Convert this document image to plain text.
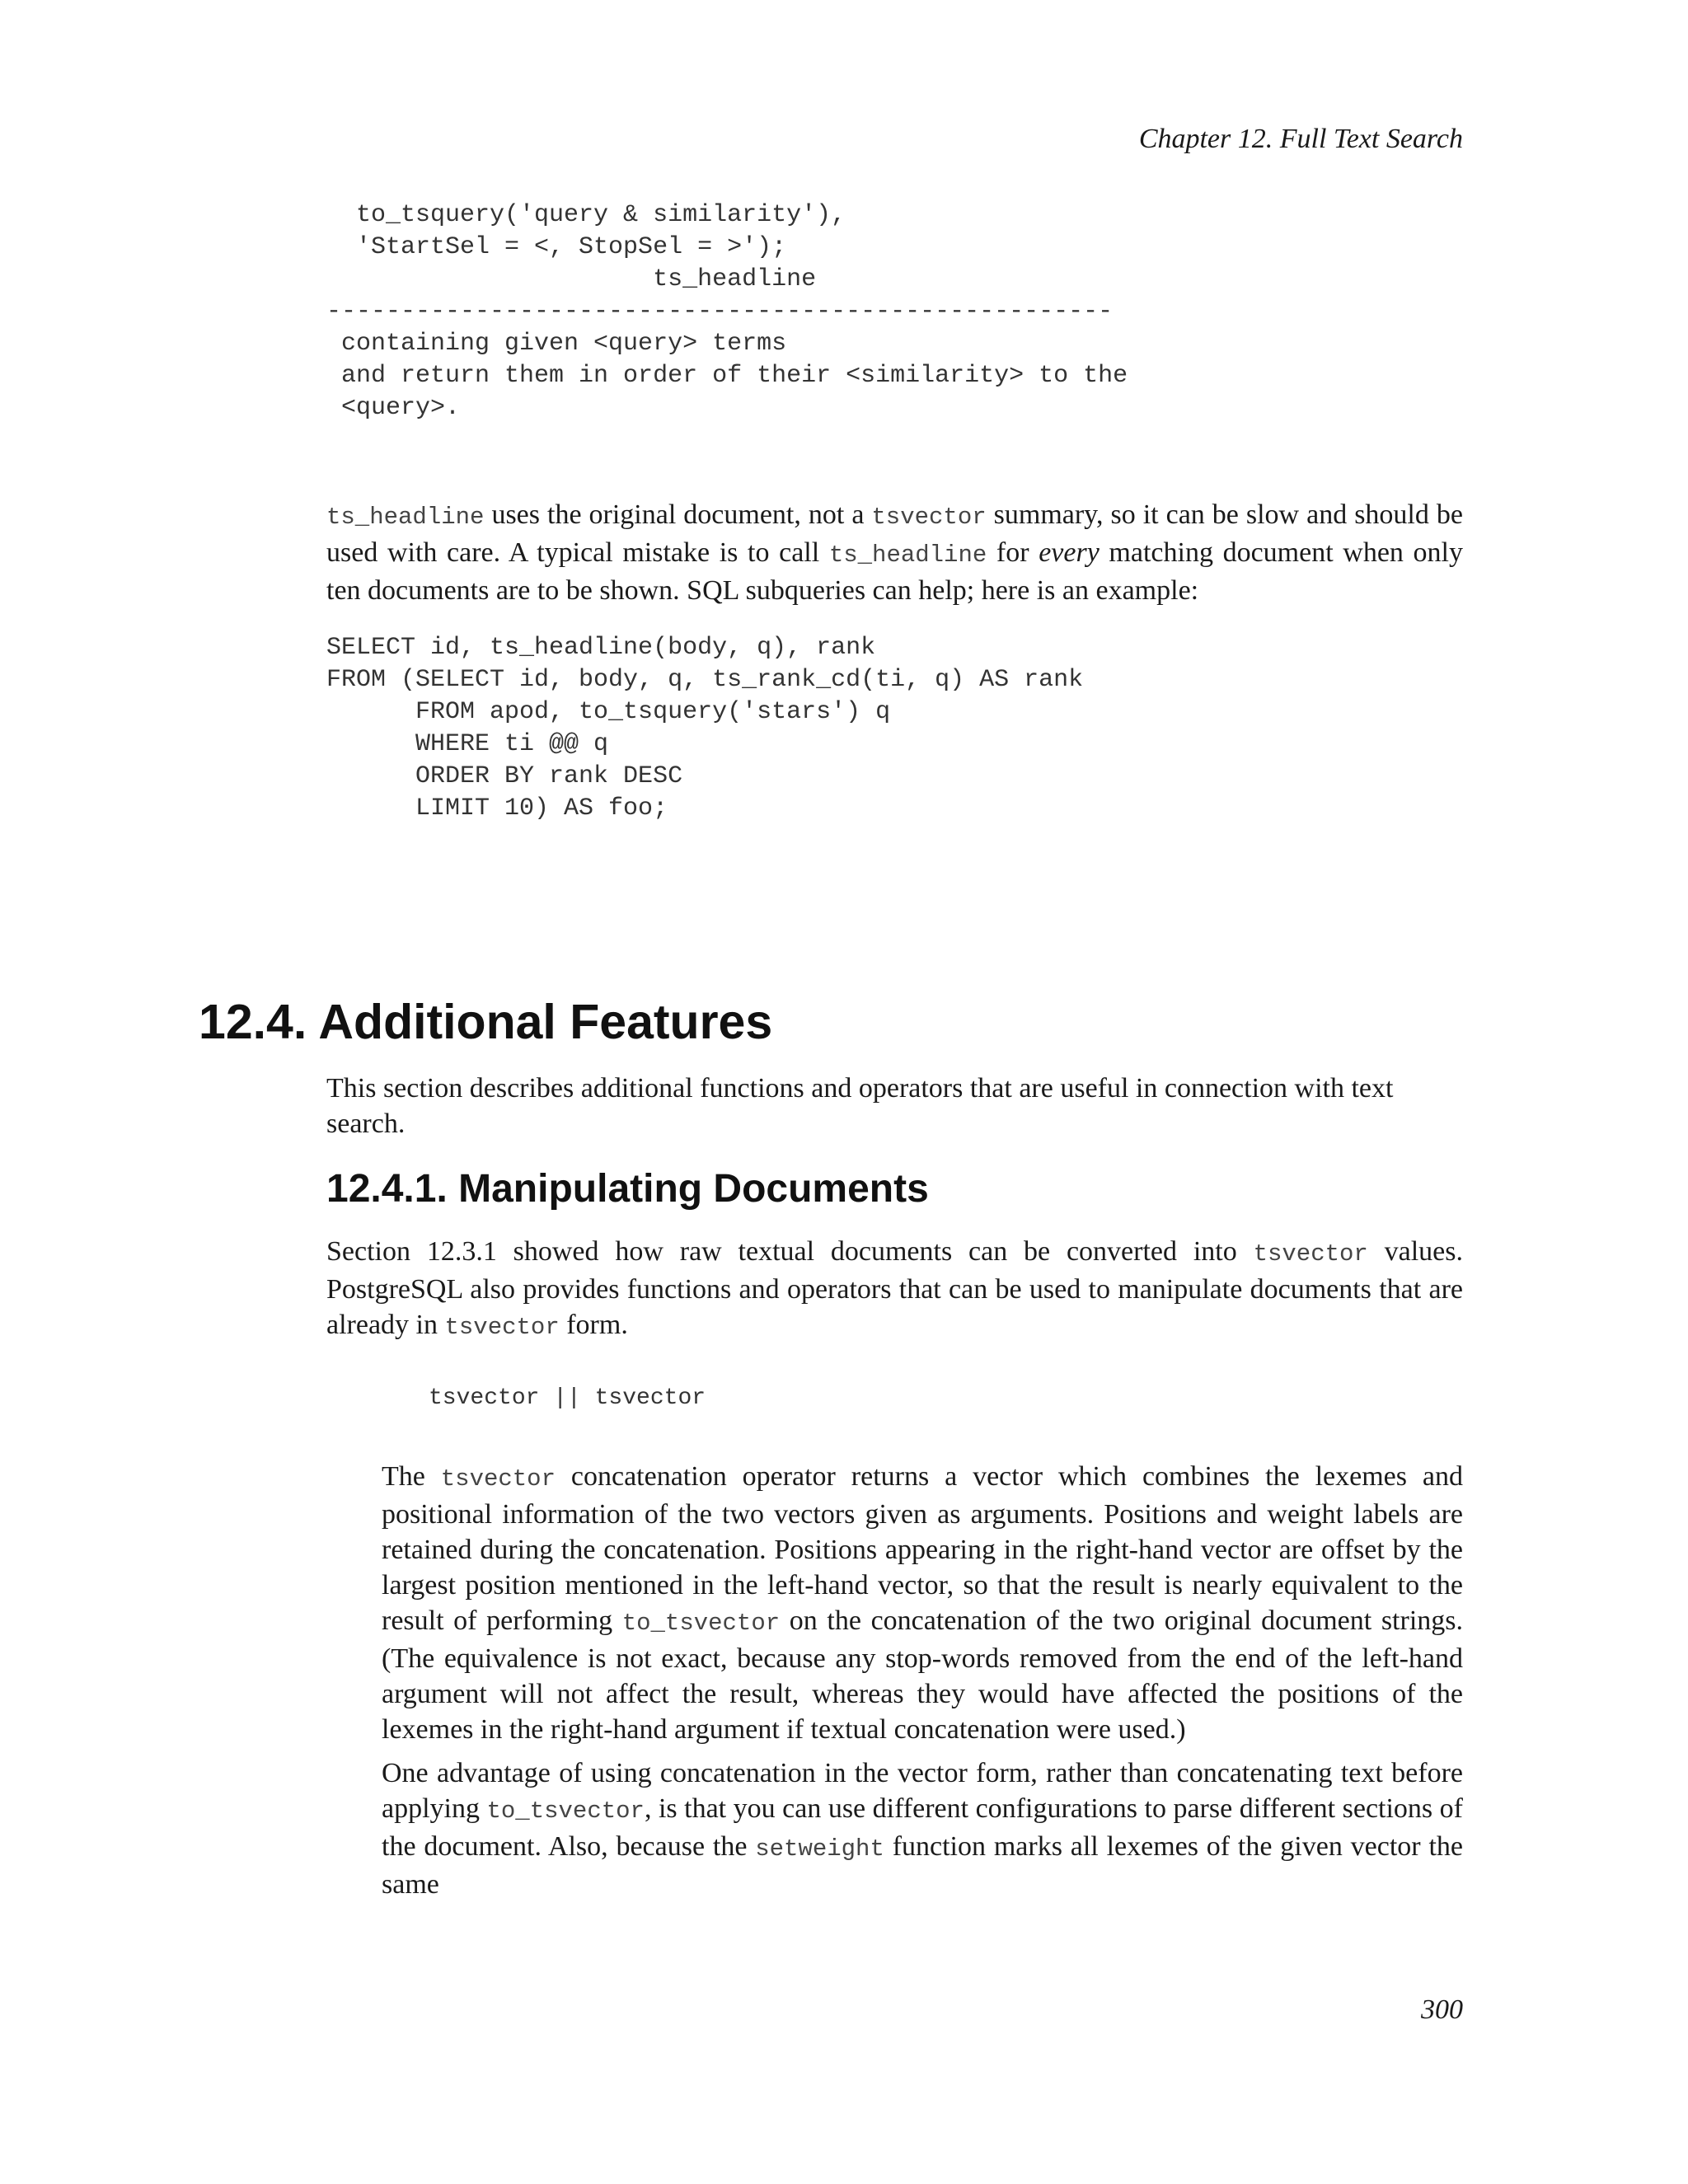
Chapter 12. Full Text Search
to_tsquery('query & similarity'),
'StartSel = <, StopSel = >');
ts_headline
-----------------------------------------------------
containing given <query> terms
and return them in order of their <similarity> to the
<query>.

ts_headline uses the original document, not a tsvector summary, so it can be slow and should be used with care. A typical mistake is to call ts_headline for every matching document when only ten documents are to be shown. SQL subqueries can help; here is an example:

SELECT id, ts_headline(body, q), rank
FROM (SELECT id, body, q, ts_rank_cd(ti, q) AS rank
FROM apod, to_tsquery('stars') q
WHERE ti @@ q
ORDER BY rank DESC
LIMIT 10) AS foo;
12.4. Additional Features

This section describes additional functions and operators that are useful in connection with text search.

12.4.1. Manipulating Documents

Section 12.3.1 showed how raw textual documents can be converted into tsvector values. PostgreSQL also provides functions and operators that can be used to manipulate documents that are already in tsvector form.

tsvector || tsvector

The tsvector concatenation operator returns a vector which combines the lexemes and positional information of the two vectors given as arguments. Positions and weight labels are retained during the concatenation. Positions appearing in the right-hand vector are offset by the largest position mentioned in the left-hand vector, so that the result is nearly equivalent to the result of performing to_tsvector on the concatenation of the two original document strings. (The equivalence is not exact, because any stop-words removed from the end of the left-hand argument will not affect the result, whereas they would have affected the positions of the lexemes in the right-hand argument if textual concatenation were used.)

One advantage of using concatenation in the vector form, rather than concatenating text before applying to_tsvector, is that you can use different configurations to parse different sections of the document. Also, because the setweight function marks all lexemes of the given vector the same

300
